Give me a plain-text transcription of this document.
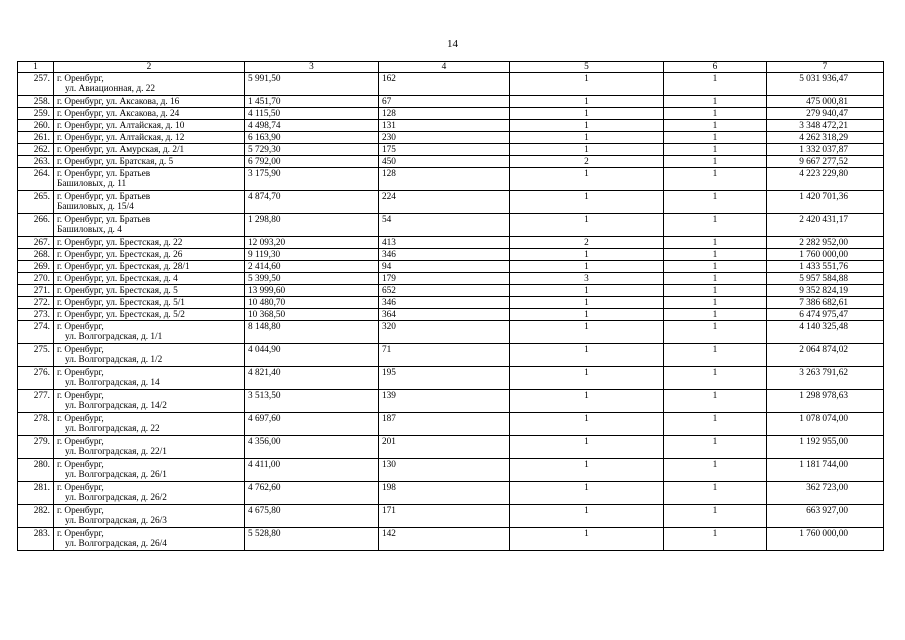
14
1	2	3	4	5	6	7
257.	г. Оренбург,
ул. Авиационная, д. 22	5 991,50	162	1	1	5 031 936,47
258.	г. Оренбург, ул. Аксакова, д. 16	1 451,70	67	1	1	475 000,81
259.	г. Оренбург, ул. Аксакова, д. 24	4 115,50	128	1	1	279 940,47
260.	г. Оренбург, ул. Алтайская, д. 10	4 498,74	131	1	1	3 348 472,21
261.	г. Оренбург, ул. Алтайская, д. 12	6 163,90	230	1	1	4 262 318,29
262.	г. Оренбург, ул. Амурская, д. 2/1	5 729,30	175	1	1	1 332 037,87
263.	г. Оренбург, ул. Братская, д. 5	6 792,00	450	2	1	9 667 277,52
264.	г. Оренбург, ул. Братьев
Башиловых, д. 11	3 175,90	128	1	1	4 223 229,80
265.	г. Оренбург, ул. Братьев
Башиловых, д. 15/4	4 874,70	224	1	1	1 420 701,36
266.	г. Оренбург, ул. Братьев
Башиловых, д. 4	1 298,80	54	1	1	2 420 431,17
267.	г. Оренбург, ул. Брестская, д. 22	12 093,20	413	2	1	2 282 952,00
268.	г. Оренбург, ул. Брестская, д. 26	9 119,30	346	1	1	1 760 000,00
269.	г. Оренбург, ул. Брестская, д. 28/1	2 414,60	94	1	1	1 433 551,76
270.	г. Оренбург, ул. Брестская, д. 4	5 399,50	179	3	1	5 957 584,88
271.	г. Оренбург, ул. Брестская, д. 5	13 999,60	652	1	1	9 352 824,19
272.	г. Оренбург, ул. Брестская, д. 5/1	10 480,70	346	1	1	7 386 682,61
273.	г. Оренбург, ул. Брестская, д. 5/2	10 368,50	364	1	1	6 474 975,47
274.	г. Оренбург,
ул. Волгоградская, д. 1/1	8 148,80	320	1	1	4 140 325,48
275.	г. Оренбург,
ул. Волгоградская, д. 1/2	4 044,90	71	1	1	2 064 874,02
276.	г. Оренбург,
ул. Волгоградская, д. 14	4 821,40	195	1	1	3 263 791,62
277.	г. Оренбург,
ул. Волгоградская, д. 14/2	3 513,50	139	1	1	1 298 978,63
278.	г. Оренбург,
ул. Волгоградская, д. 22	4 697,60	187	1	1	1 078 074,00
279.	г. Оренбург,
ул. Волгоградская, д. 22/1	4 356,00	201	1	1	1 192 955,00
280.	г. Оренбург,
ул. Волгоградская, д. 26/1	4 411,00	130	1	1	1 181 744,00
281.	г. Оренбург,
ул. Волгоградская, д. 26/2	4 762,60	198	1	1	362 723,00
282.	г. Оренбург,
ул. Волгоградская, д. 26/3	4 675,80	171	1	1	663 927,00
283.	г. Оренбург,
ул. Волгоградская, д. 26/4	5 528,80	142	1	1	1 760 000,00
